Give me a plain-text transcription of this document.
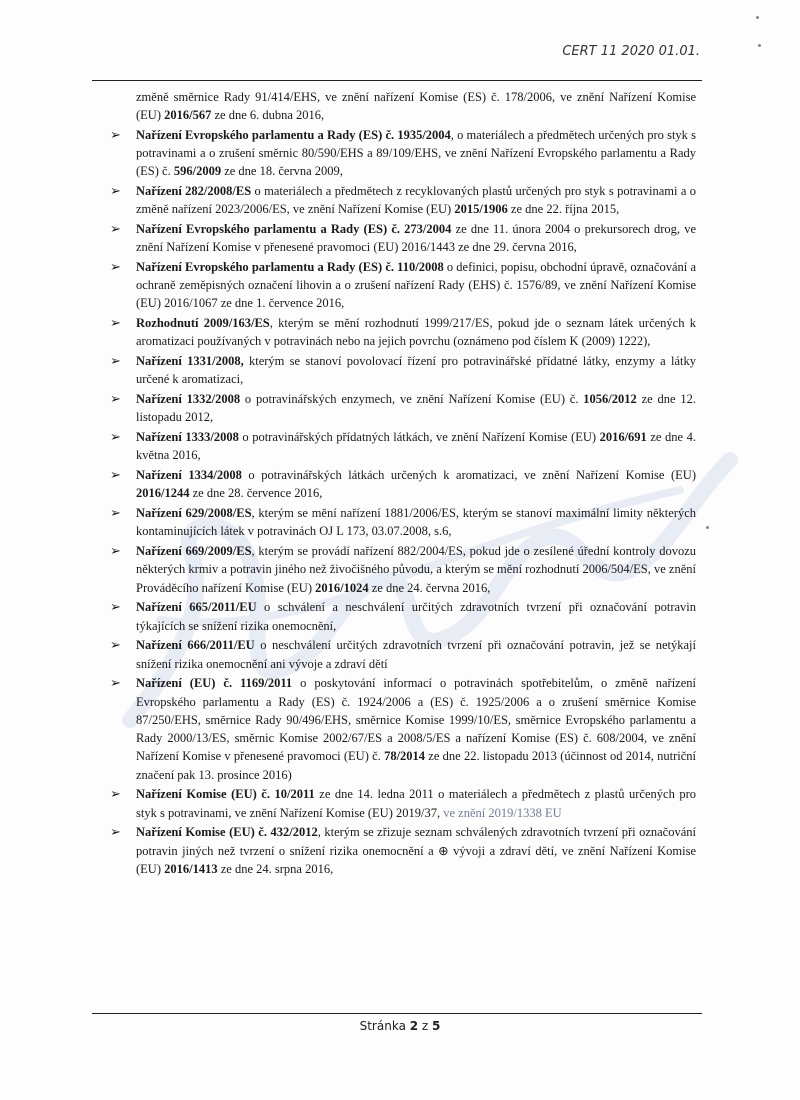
CERT 11 2020 01.01.

změně směrnice Rady 91/414/EHS, ve znění nařízení Komise (ES) č. 178/2006, ve znění Nařízení Komise (EU) 2016/567 ze dne 6. dubna 2016,

➢ Nařízení Evropského parlamentu a Rady (ES) č. 1935/2004, o materiálech a předmětech určených pro styk s potravinami a o zrušení směrnic 80/590/EHS a 89/109/EHS, ve znění Nařízení Evropského parlamentu a Rady (ES) č. 596/2009 ze dne 18. června 2009,
➢ Nařízení 282/2008/ES o materiálech a předmětech z recyklovaných plastů určených pro styk s potravinami a o změně nařízení 2023/2006/ES, ve znění Nařízení Komise (EU) 2015/1906 ze dne 22. října 2015,
➢ Nařízení Evropského parlamentu a Rady (ES) č. 273/2004 ze dne 11. února 2004 o prekursorech drog, ve znění Nařízení Komise v přenesené pravomoci (EU) 2016/1443 ze dne 29. června 2016,
➢ Nařízení Evropského parlamentu a Rady (ES) č. 110/2008 o definici, popisu, obchodní úpravě, označování a ochraně zeměpisných označení lihovin a o zrušení nařízení Rady (EHS) č. 1576/89, ve znění Nařízení Komise (EU) 2016/1067 ze dne 1. července 2016,
➢ Rozhodnutí 2009/163/ES, kterým se mění rozhodnutí 1999/217/ES, pokud jde o seznam látek určených k aromatizaci používaných v potravinách nebo na jejich povrchu (oznámeno pod číslem K (2009) 1222),
➢ Nařízení 1331/2008, kterým se stanoví povolovací řízení pro potravinářské přídatné látky, enzymy a látky určené k aromatizaci,
➢ Nařízení 1332/2008 o potravinářských enzymech, ve znění Nařízení Komise (EU) č. 1056/2012 ze dne 12. listopadu 2012,
➢ Nařízení 1333/2008 o potravinářských přídatných látkách, ve znění Nařízení Komise (EU) 2016/691 ze dne 4. května 2016,
➢ Nařízení 1334/2008 o potravinářských látkách určených k aromatizaci, ve znění Nařízení Komise (EU) 2016/1244 ze dne 28. července 2016,
➢ Nařízení 629/2008/ES, kterým se mění nařízení 1881/2006/ES, kterým se stanoví maximální limity některých kontaminujících látek v potravinách OJ L 173, 03.07.2008, s.6,
➢ Nařízení 669/2009/ES, kterým se provádí nařízení 882/2004/ES, pokud jde o zesílené úřední kontroly dovozu některých krmiv a potravin jiného než živočišného původu, a kterým se mění rozhodnutí 2006/504/ES, ve znění Prováděcího nařízení Komise (EU) 2016/1024 ze dne 24. června 2016,
➢ Nařízení 665/2011/EU o schválení a neschválení určitých zdravotních tvrzení při označování potravin týkajících se snížení rizika onemocnění,
➢ Nařízení 666/2011/EU o neschválení určitých zdravotních tvrzení při označování potravin, jež se netýkají snížení rizika onemocnění ani vývoje a zdraví dětí
➢ Nařízení (EU) č. 1169/2011 o poskytování informací o potravinách spotřebitelům, o změně nařízení Evropského parlamentu a Rady (ES) č. 1924/2006 a (ES) č. 1925/2006 a o zrušení směrnice Komise 87/250/EHS, směrnice Rady 90/496/EHS, směrnice Komise 1999/10/ES, směrnice Evropského parlamentu a Rady 2000/13/ES, směrnic Komise 2002/67/ES a 2008/5/ES a nařízení Komise (ES) č. 608/2004, ve znění Nařízení Komise v přenesené pravomoci (EU) č. 78/2014 ze dne 22. listopadu 2013 (účinnost od 2014, nutriční značení pak 13. prosince 2016)
➢ Nařízení Komise (EU) č. 10/2011 ze dne 14. ledna 2011 o materiálech a předmětech z plastů určených pro styk s potravinami, ve znění Nařízení Komise (EU) 2019/37, ve znění 2019/1338 EU
➢ Nařízení Komise (EU) č. 432/2012, kterým se zřizuje seznam schválených zdravotních tvrzení při označování potravin jiných než tvrzení o snížení rizika onemocnění a ⊕ vývoji a zdraví dětí, ve znění Nařízení Komise (EU) 2016/1413 ze dne 24. srpna 2016,
Stránka 2 z 5
